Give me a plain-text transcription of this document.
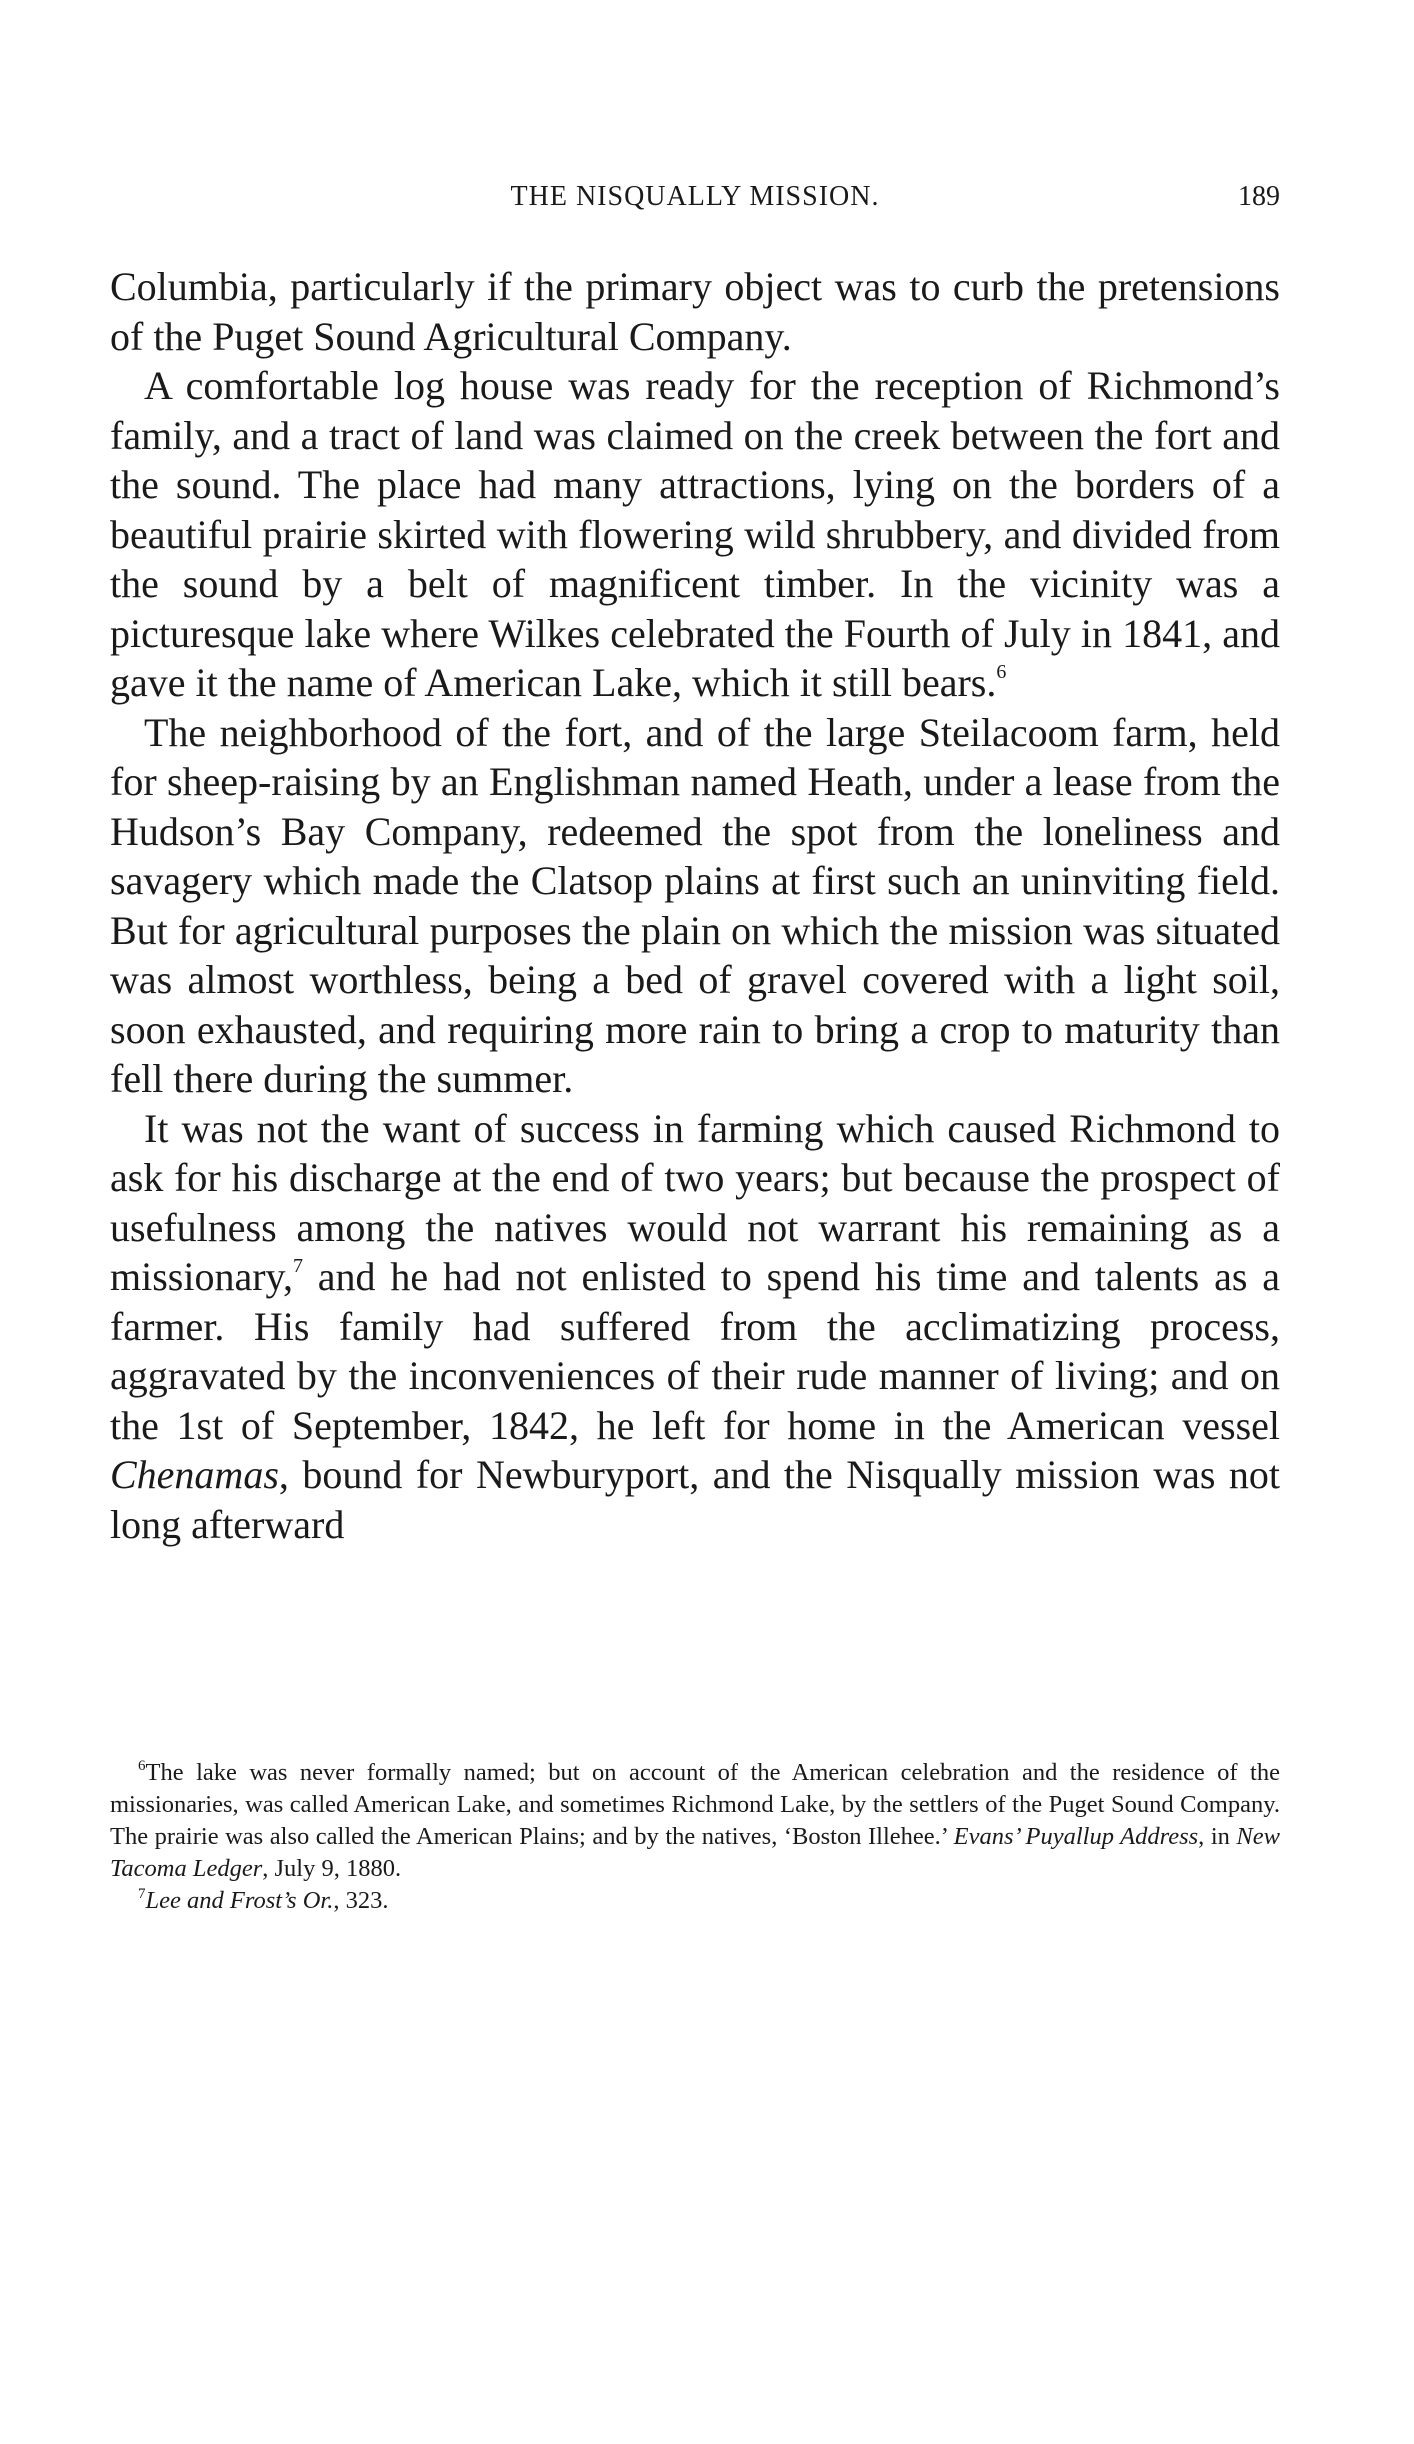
THE NISQUALLY MISSION.	189

Columbia, particularly if the primary object was to curb the pretensions of the Puget Sound Agricultural Company.

A comfortable log house was ready for the reception of Richmond’s family, and a tract of land was claimed on the creek between the fort and the sound. The place had many attractions, lying on the borders of a beautiful prairie skirted with flowering wild shrubbery, and divided from the sound by a belt of magnificent timber. In the vicinity was a picturesque lake where Wilkes celebrated the Fourth of July in 1841, and gave it the name of American Lake, which it still bears.$^6$

The neighborhood of the fort, and of the large Steilacoom farm, held for sheep-raising by an Englishman named Heath, under a lease from the Hudson’s Bay Company, redeemed the spot from the loneliness and savagery which made the Clatsop plains at first such an uninviting field. But for agricultural purposes the plain on which the mission was situated was almost worthless, being a bed of gravel covered with a light soil, soon exhausted, and requiring more rain to bring a crop to maturity than fell there during the summer.

It was not the want of success in farming which caused Richmond to ask for his discharge at the end of two years; but because the prospect of usefulness among the natives would not warrant his remaining as a missionary,$^7$ and he had not enlisted to spend his time and talents as a farmer. His family had suffered from the acclimatizing process, aggravated by the inconveniences of their rude manner of living; and on the 1st of September, 1842, he left for home in the American vessel Chenamas, bound for Newburyport, and the Nisqually mission was not long afterward

$^6$The lake was never formally named; but on account of the American celebration and the residence of the missionaries, was called American Lake, and sometimes Richmond Lake, by the settlers of the Puget Sound Company. The prairie was also called the American Plains; and by the natives, ‘Boston Illehee.’ Evans’ Puyallup Address, in New Tacoma Ledger, July 9, 1880.

$^7$Lee and Frost’s Or., 323.
